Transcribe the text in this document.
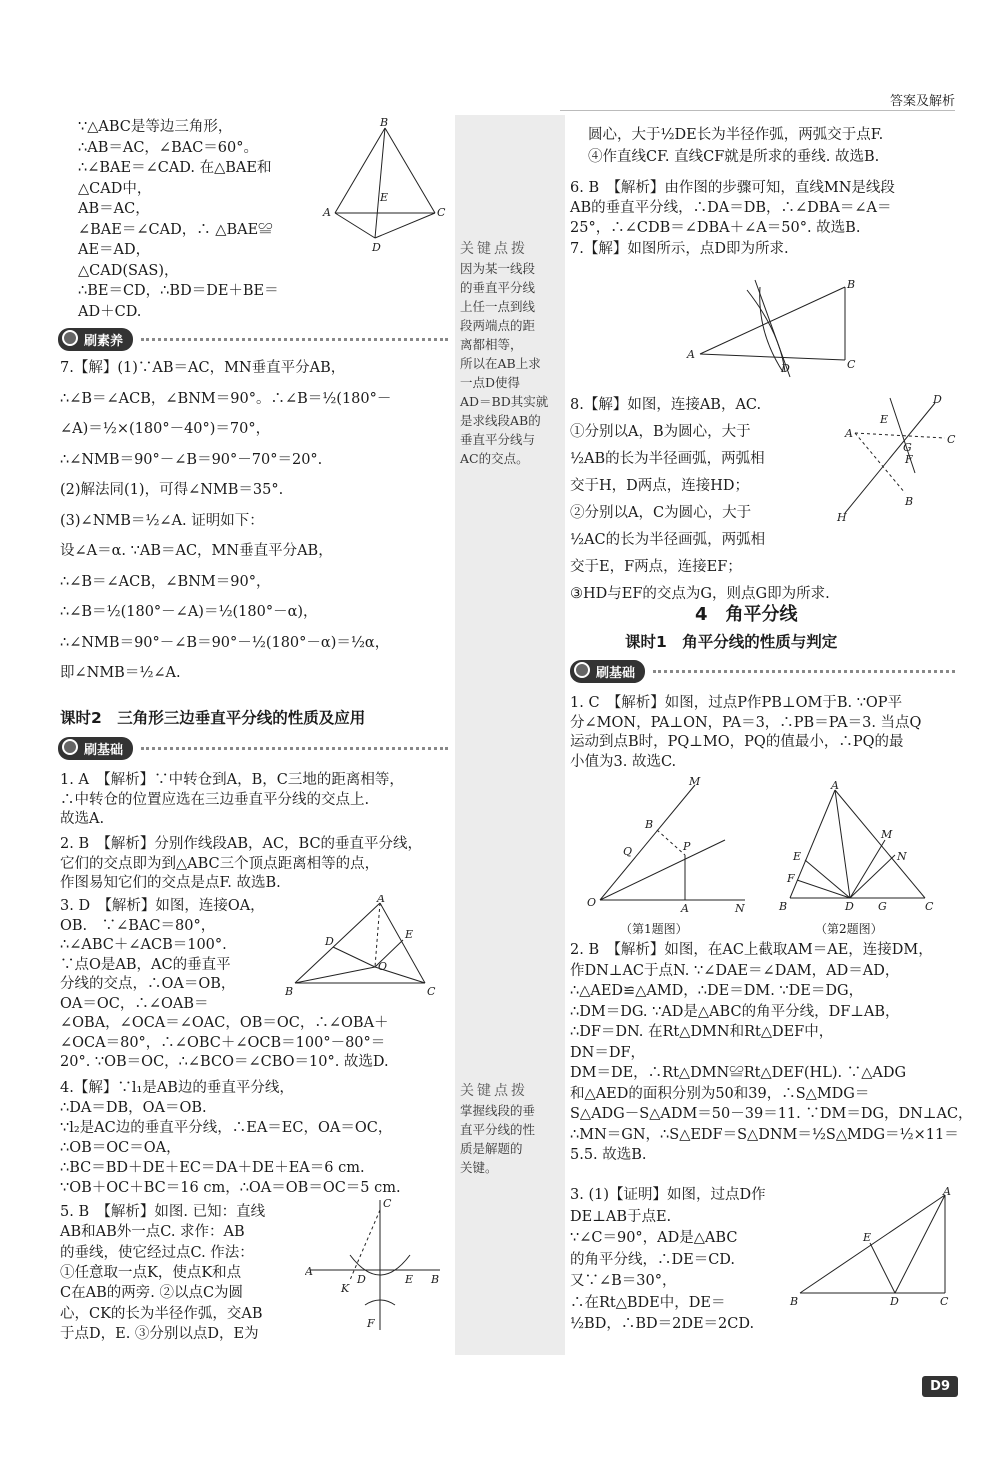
答案及解析
关键点拨
因为某一线段
的垂直平分线
上任一点到线
段两端点的距
离都相等，
所以在AB上求
一点D使得
AD＝BD其实就
是求线段AB的
垂直平分线与
AC的交点。
关键点拨
掌握线段的垂
直平分线的性
质是解题的
关键。
∵△ABC是等边三角形，
∴AB＝AC，∠BAC＝60°。
∴∠BAE＝∠CAD. 在△BAE和
△CAD中，
AB＝AC，
∠BAE＝∠CAD，∴ △BAE≌
AE＝AD，
△CAD(SAS)，
∴BE＝CD，∴BD＝DE＋BE＝
AD＋CD.
B
A	C
D
E
刷素养
7.【解】(1)∵AB＝AC，MN垂直平分AB，
∴∠B＝∠ACB，∠BNM＝90°。∴∠B＝½(180°－
∠A)＝½×(180°－40°)＝70°，
∴∠NMB＝90°－∠B＝90°－70°＝20°.
(2)解法同(1)，可得∠NMB＝35°.
(3)∠NMB＝½∠A. 证明如下：
设∠A＝α. ∵AB＝AC，MN垂直平分AB，
∴∠B＝∠ACB，∠BNM＝90°，
∴∠B＝½(180°－∠A)＝½(180°－α)，
∴∠NMB＝90°－∠B＝90°－½(180°－α)＝½α，
即∠NMB＝½∠A.
课时2　三角形三边垂直平分线的性质及应用
刷基础
1. A　【解析】∵中转仓到A，B，C三地的距离相等，
∴中转仓的位置应选在三边垂直平分线的交点上.
故选A.
2. B　【解析】分别作线段AB，AC，BC的垂直平分线，
它们的交点即为到△ABC三个顶点距离相等的点，
作图易知它们的交点是点F. 故选B.
3. D　【解析】如图，连接OA，
OB.　∵∠BAC＝80°，
∴∠ABC＋∠ACB＝100°.
∵点O是AB，AC的垂直平
分线的交点，∴OA＝OB，
OA＝OC，∴∠OAB＝
∠OBA，∠OCA＝∠OAC，OB＝OC，∴∠OBA＋
∠OCA＝80°，∴∠OBC＋∠OCB＝100°－80°＝
20°. ∵OB＝OC，∴∠BCO＝∠CBO＝10°. 故选D.
4.【解】∵l₁是AB边的垂直平分线，
∴DA＝DB，OA＝OB.
∵l₂是AC边的垂直平分线，∴EA＝EC，OA＝OC，
∴OB＝OC＝OA，
∴BC＝BD＋DE＋EC＝DA＋DE＋EA＝6 cm.
∵OB＋OC＋BC＝16 cm，∴OA＝OB＝OC＝5 cm.
5. B　【解析】如图. 已知：直线
AB和AB外一点C. 求作：AB
的垂线，使它经过点C. 作法：
①任意取一点K，使点K和点
C在AB的两旁. ②以点C为圆
心，CK的长为半径作弧，交AB
于点D，E. ③分别以点D，E为
A
D
E
O
B	C
C
A
B
K
D	E
F
圆心，大于½DE长为半径作弧，两弧交于点F.
④作直线CF. 直线CF就是所求的垂线. 故选B.
6. B　【解析】由作图的步骤可知，直线MN是线段
AB的垂直平分线，∴DA＝DB，∴∠DBA＝∠A＝
25°，∴∠CDB＝∠DBA＋∠A＝50°. 故选B.
7.【解】如图所示，点D即为所求.
A
B
C
D
8.【解】如图，连接AB，AC.
①分别以A，B为圆心，大于
½AB的长为半径画弧，两弧相
交于H，D两点，连接HD；
②分别以A，C为圆心，大于
½AC的长为半径画弧，两弧相
交于E，F两点，连接EF；
③HD与EF的交点为G，则点G即为所求.
A	C
B
D
E
F
G
H
4　角平分线
课时1　角平分线的性质与判定
刷基础
1. C　【解析】如图，过点P作PB⊥OM于B. ∵OP平
分∠MON，PA⊥ON，PA＝3，∴PB＝PA＝3. 当点Q
运动到点B时，PQ⊥MO，PQ的值最小，∴PQ的最
小值为3. 故选C.
M
B
Q	P
O	A	N
A
E
F
B	D G	C
M
N
（第1题图）	（第2题图）
2. B　【解析】如图，在AC上截取AM＝AE，连接DM，
作DN⊥AC于点N. ∵∠DAE＝∠DAM，AD＝AD，
∴△AED≌△AMD，∴DE＝DM. ∵DE＝DG，
∴DM＝DG. ∵AD是△ABC的角平分线，DF⊥AB，
∴DF＝DN. 在Rt△DMN和Rt△DEF中，
DN＝DF，
DM＝DE，∴Rt△DMN≌Rt△DEF(HL). ∵△ADG
和△AED的面积分别为50和39，∴S△MDG＝
S△ADG－S△ADM＝50－39＝11. ∵DM＝DG，DN⊥AC，
∴MN＝GN，∴S△EDF＝S△DNM＝½S△MDG＝½×11＝
5.5. 故选B.
3. (1)【证明】如图，过点D作
DE⊥AB于点E.
∵∠C＝90°，AD是△ABC
的角平分线，∴DE＝CD.
又∵∠B＝30°，
∴在Rt△BDE中，DE＝
½BD，∴BD＝2DE＝2CD.
A
E
B	D	C
D9
